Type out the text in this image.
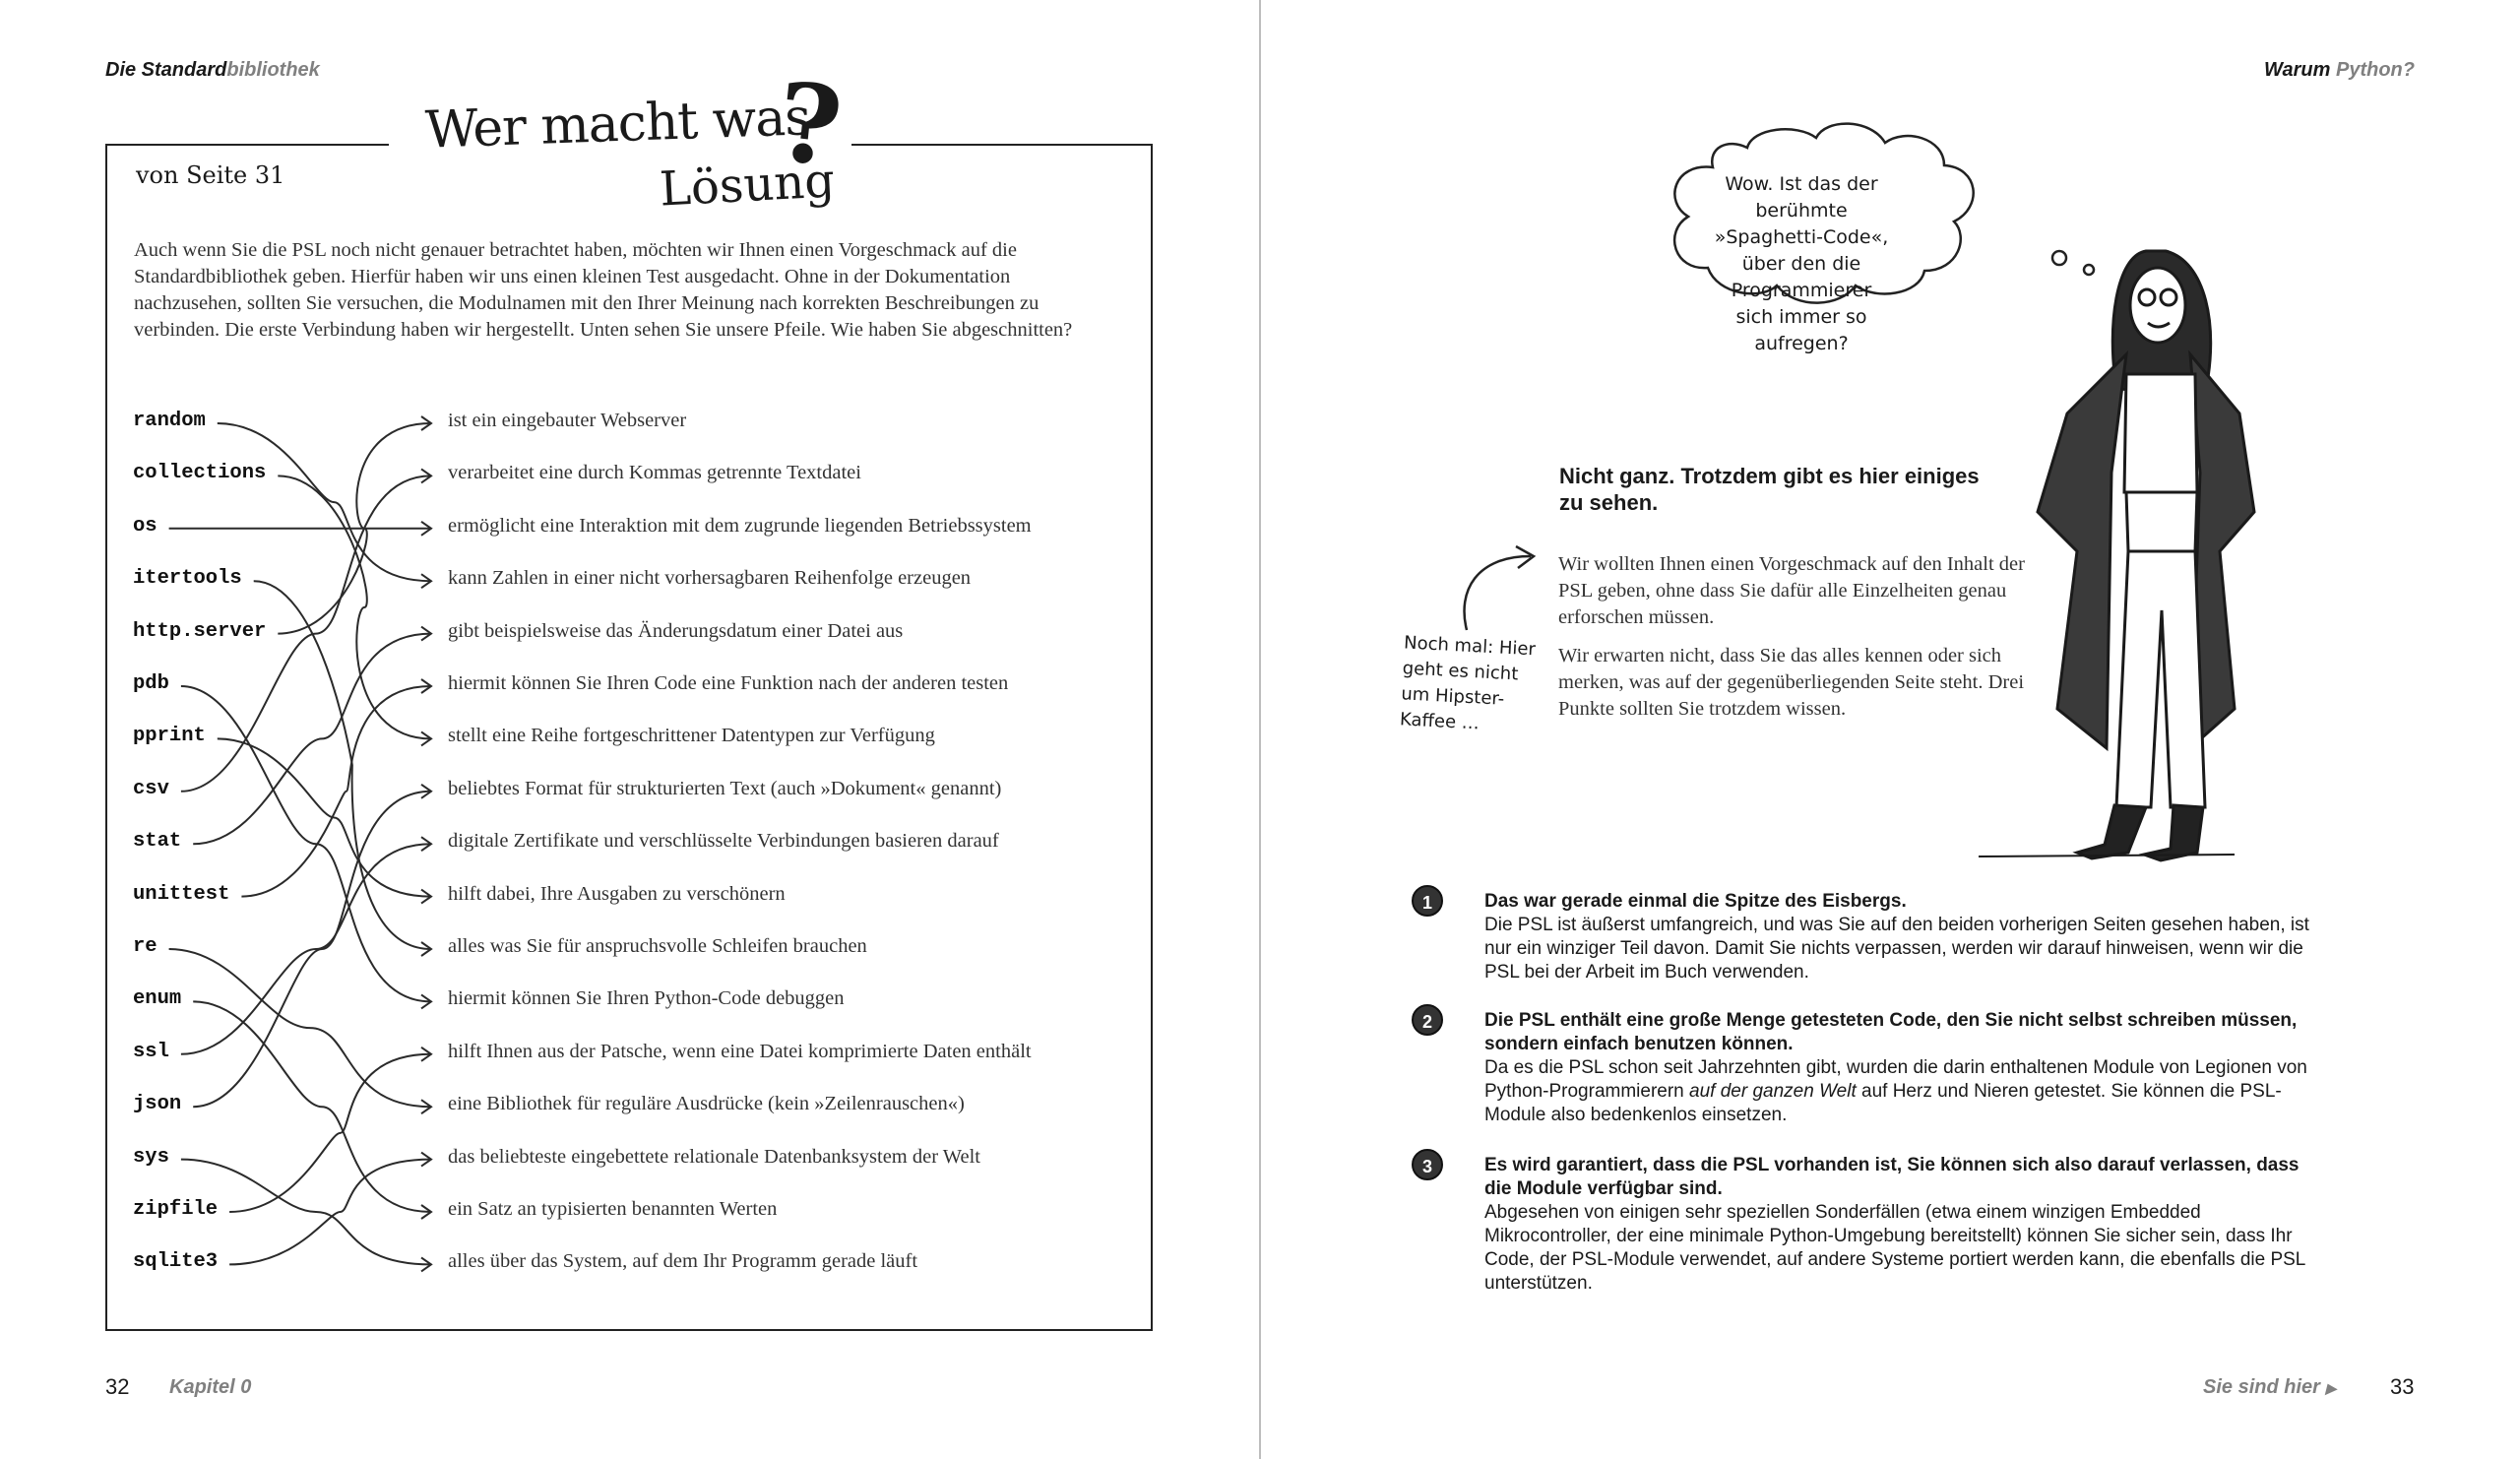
Die Standardbibliothek
Wer macht was
?
Lösung
von Seite 31
Auch wenn Sie die PSL noch nicht genauer betrachtet haben, möchten wir Ihnen einen Vorgeschmack auf die Standardbibliothek geben. Hierfür haben wir uns einen kleinen Test ausgedacht. Ohne in der Dokumentation nachzusehen, sollten Sie versuchen, die Modulnamen mit den Ihrer Meinung nach korrekten Beschreibungen zu verbinden. Die erste Verbindung haben wir hergestellt. Unten sehen Sie unsere Pfeile. Wie haben Sie abgeschnitten?
random
collections
os
itertools
http.server
pdb
pprint
csv
stat
unittest
re
enum
ssl
json
sys
zipfile
sqlite3
ist ein eingebauter Webserver
verarbeitet eine durch Kommas getrennte Textdatei
ermöglicht eine Interaktion mit dem zugrunde liegenden Betriebssystem
kann Zahlen in einer nicht vorhersagbaren Reihenfolge erzeugen
gibt beispielsweise das Änderungsdatum einer Datei aus
hiermit können Sie Ihren Code eine Funktion nach der anderen testen
stellt eine Reihe fortgeschrittener Datentypen zur Verfügung
beliebtes Format für strukturierten Text (auch »Dokument« genannt)
digitale Zertifikate und verschlüsselte Verbindungen basieren darauf
hilft dabei, Ihre Ausgaben zu verschönern
alles was Sie für anspruchsvolle Schleifen brauchen
hiermit können Sie Ihren Python-Code debuggen
hilft Ihnen aus der Patsche, wenn eine Datei komprimierte Daten enthält
eine Bibliothek für reguläre Ausdrücke (kein »Zeilenrauschen«)
das beliebteste eingebettete relationale Datenbanksystem der Welt
ein Satz an typisierten benannten Werten
alles über das System, auf dem Ihr Programm gerade läuft
32 Kapitel 0
Warum Python?
Wow. Ist das der berühmte »Spaghetti-Code«, über den die Programmierer sich immer so aufregen?
Nicht ganz. Trotzdem gibt es hier einiges zu sehen.
Wir wollten Ihnen einen Vorgeschmack auf den Inhalt der PSL geben, ohne dass Sie dafür alle Einzelheiten genau erforschen müssen.
Wir erwarten nicht, dass Sie das alles kennen oder sich merken, was auf der gegenüberliegenden Seite steht. Drei Punkte sollten Sie trotzdem wissen.
Noch mal: Hier geht es nicht um Hipster-Kaffee …
1	Das war gerade einmal die Spitze des Eisbergs.
Die PSL ist äußerst umfangreich, und was Sie auf den beiden vorherigen Seiten gesehen haben, ist nur ein winziger Teil davon. Damit Sie nichts verpassen, werden wir darauf hinweisen, wenn wir die PSL bei der Arbeit im Buch verwenden.
2	Die PSL enthält eine große Menge getesteten Code, den Sie nicht selbst schreiben müssen, sondern einfach benutzen können.
Da es die PSL schon seit Jahrzehnten gibt, wurden die darin enthaltenen Module von Legionen von Python-Programmierern auf der ganzen Welt auf Herz und Nieren getestet. Sie können die PSL-Module also bedenkenlos einsetzen.
3	Es wird garantiert, dass die PSL vorhanden ist, Sie können sich also darauf verlassen, dass die Module verfügbar sind.
Abgesehen von einigen sehr speziellen Sonderfällen (etwa einem winzigen Embedded Mikrocontroller, der eine minimale Python-Umgebung bereitstellt) können Sie sicher sein, dass Ihr Code, der PSL-Module verwendet, auf andere Systeme portiert werden kann, die ebenfalls die PSL unterstützen.
Sie sind hier ▶ 33
